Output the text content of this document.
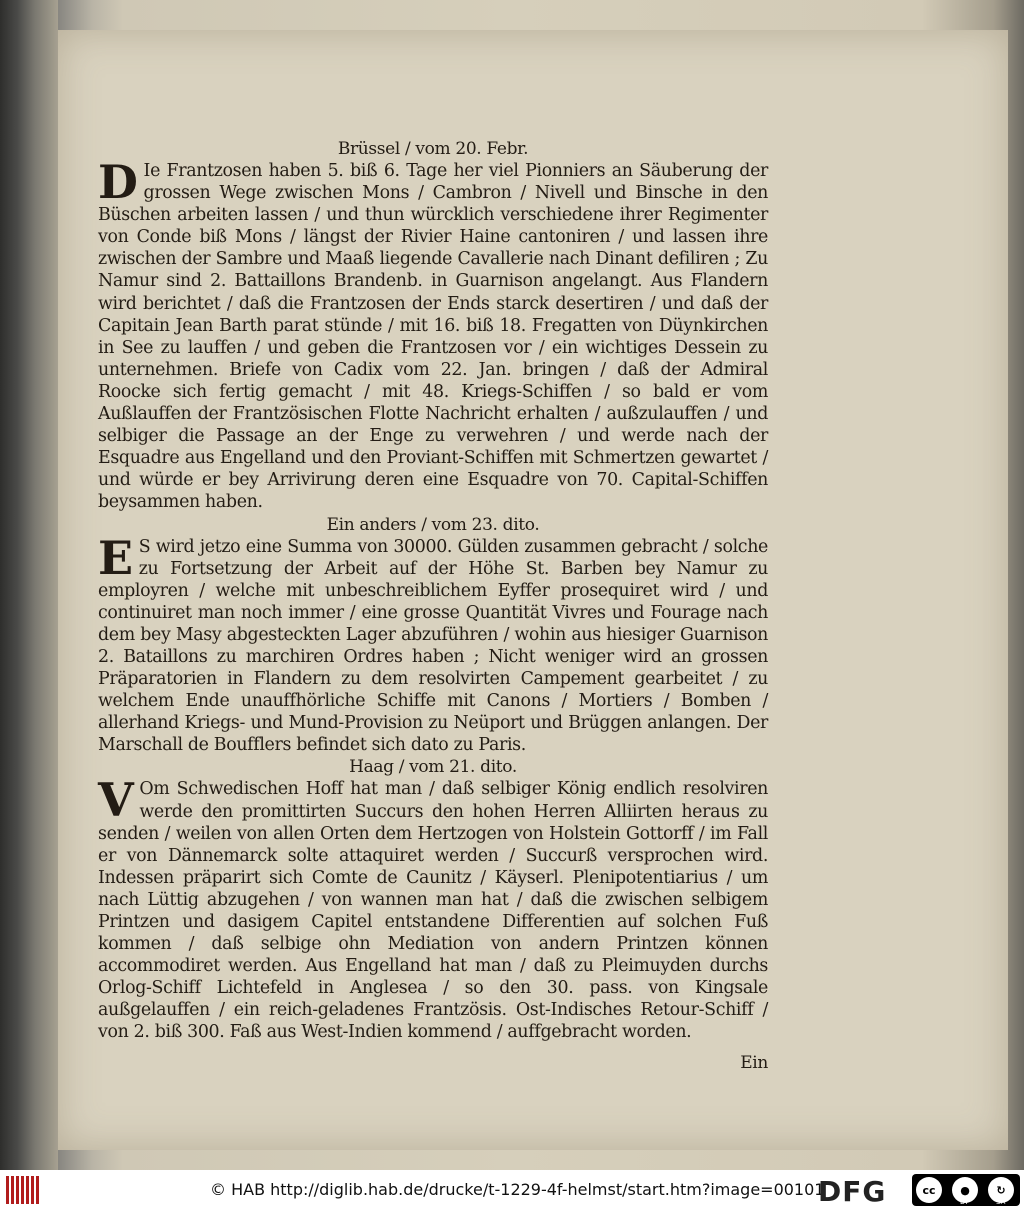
Brüssel / vom 20. Febr.

D Ie Frantzosen haben 5. biß 6. Tage her viel Pionniers an Säuberung der grossen Wege zwischen Mons / Cambron / Nivell und Binsche in den Büschen arbeiten lassen / und thun würcklich verschiedene ihrer Regimenter von Conde biß Mons / längst der Rivier Haine cantoniren / und lassen ihre zwischen der Sambre und Maaß liegende Cavallerie nach Dinant defiliren ; Zu Namur sind 2. Battaillons Brandenb. in Guarnison angelangt. Aus Flandern wird berichtet / daß die Frantzosen der Ends starck desertiren / und daß der Capitain Jean Barth parat stünde / mit 16. biß 18. Fregatten von Düynkirchen in See zu lauffen / und geben die Frantzosen vor / ein wichtiges Dessein zu unternehmen. Briefe von Cadix vom 22. Jan. bringen / daß der Admiral Roocke sich fertig gemacht / mit 48. Kriegs-Schiffen / so bald er vom Außlauffen der Frantzösischen Flotte Nachricht erhalten / außzulauffen / und selbiger die Passage an der Enge zu verwehren / und werde nach der Esquadre aus Engelland und den Proviant-Schiffen mit Schmertzen gewartet / und würde er bey Arrivirung deren eine Esquadre von 70. Capital-Schiffen beysammen haben.

Ein anders / vom 23. dito.

E S wird jetzo eine Summa von 30000. Gülden zusammen gebracht / solche zu Fortsetzung der Arbeit auf der Höhe St. Barben bey Namur zu employren / welche mit unbeschreiblichem Eyffer prosequiret wird / und continuiret man noch immer / eine grosse Quantität Vivres und Fourage nach dem bey Masy abgesteckten Lager abzuführen / wohin aus hiesiger Guarnison 2. Bataillons zu marchiren Ordres haben ; Nicht weniger wird an grossen Präparatorien in Flandern zu dem resolvirten Campement gearbeitet / zu welchem Ende unauffhörliche Schiffe mit Canons / Mortiers / Bomben / allerhand Kriegs- und Mund-Provision zu Neüport und Brüggen anlangen. Der Marschall de Boufflers befindet sich dato zu Paris.

Haag / vom 21. dito.

V Om Schwedischen Hoff hat man / daß selbiger König endlich resolviren werde den promittirten Succurs den hohen Herren Alliirten heraus zu senden / weilen von allen Orten dem Hertzogen von Holstein Gottorff / im Fall er von Dännemarck solte attaquiret werden / Succurß versprochen wird. Indessen präparirt sich Comte de Caunitz / Käyserl. Plenipotentiarius / um nach Lüttig abzugehen / von wannen man hat / daß die zwischen selbigem Printzen und dasigem Capitel entstandene Differentien auf solchen Fuß kommen / daß selbige ohn Mediation von andern Printzen können accommodiret werden. Aus Engelland hat man / daß zu Pleimuyden durchs Orlog-Schiff Lichtefeld in Anglesea / so den 30. pass. von Kingsale außgelauffen / ein reich-geladenes Frantzösis. Ost-Indisches Retour-Schiff / von 2. biß 300. Faß aus West-Indien kommend / auffgebracht worden.

Ein
© HAB http://diglib.hab.de/drucke/t-1229-4f-helmst/start.htm?image=00101
DFG	cc	●
BY
↻
SA
